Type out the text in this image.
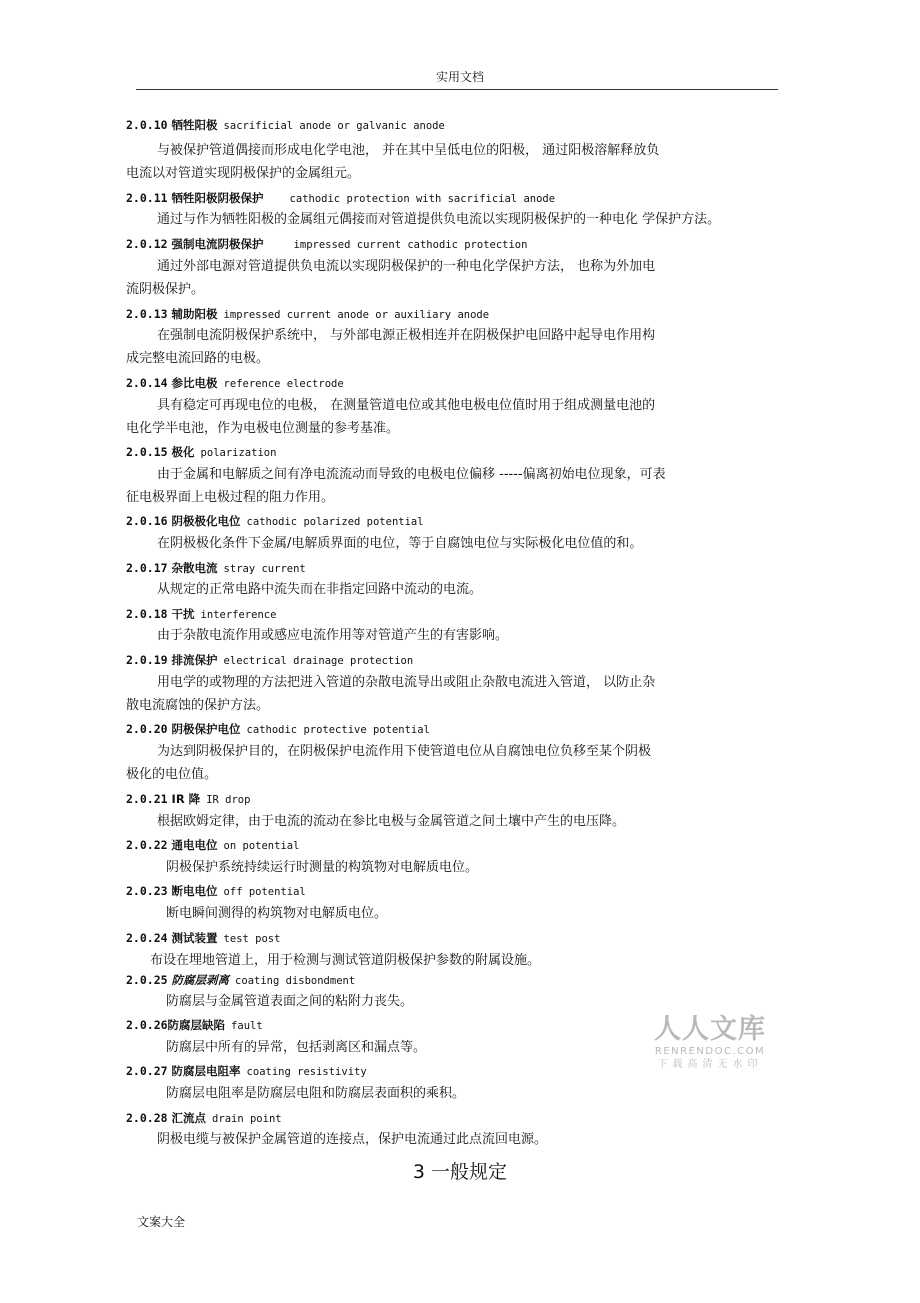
实用文档
2.0.10 牺牲阳极 sacrificial anode or galvanic anode
与被保护管道偶接而形成电化学电池， 并在其中呈低电位的阳极， 通过阳极溶解释放负
电流以对管道实现阴极保护的金属组元。
2.0.11 牺牲阳极阴极保护 cathodic protection with sacrificial anode
通过与作为牺牲阳极的金属组元偶接而对管道提供负电流以实现阴极保护的一种电化 学保护方法。
2.0.12 强制电流阴极保护	impressed current cathodic protection
通过外部电源对管道提供负电流以实现阴极保护的一种电化学保护方法， 也称为外加电
流阴极保护。
2.0.13 辅助阳极 impressed current anode or auxiliary anode
在强制电流阴极保护系统中， 与外部电源正极相连并在阴极保护电回路中起导电作用构
成完整电流回路的电极。
2.0.14 参比电极 reference electrode
具有稳定可再现电位的电极， 在测量管道电位或其他电极电位值时用于组成测量电池的
电化学半电池，作为电极电位测量的参考基准。
2.0.15 极化 polarization
由于金属和电解质之间有净电流流动而导致的电极电位偏移 -----偏离初始电位现象，可表
征电极界面上电极过程的阻力作用。
2.0.16 阴极极化电位 cathodic polarized potential
在阴极极化条件下金属/电解质界面的电位，等于自腐蚀电位与实际极化电位值的和。
2.0.17 杂散电流 stray current
从规定的正常电路中流失而在非指定回路中流动的电流。
2.0.18 干扰 interference
由于杂散电流作用或感应电流作用等对管道产生的有害影响。
2.0.19 排流保护 electrical drainage protection
用电学的或物理的方法把进入管道的杂散电流导出或阻止杂散电流进入管道， 以防止杂
散电流腐蚀的保护方法。
2.0.20 阴极保护电位 cathodic protective potential
为达到阴极保护目的，在阴极保护电流作用下使管道电位从自腐蚀电位负移至某个阴极
极化的电位值。
2.0.21 IR 降 IR drop
根据欧姆定律，由于电流的流动在参比电极与金属管道之间土壤中产生的电压降。
2.0.22 通电电位 on potential
阴极保护系统持续运行时测量的构筑物对电解质电位。
2.0.23 断电电位 off potential
断电瞬间测得的构筑物对电解质电位。
2.0.24 测试装置 test post
布设在埋地管道上，用于检测与测试管道阴极保护参数的附属设施。
2.0.25 防腐层剥离 coating disbondment
防腐层与金属管道表面之间的粘附力丧失。
2.0.26防腐层缺陷 fault
防腐层中所有的异常，包括剥离区和漏点等。
2.0.27 防腐层电阻率 coating resistivity
防腐层电阻率是防腐层电阻和防腐层表面积的乘积。
2.0.28 汇流点 drain point
阴极电缆与被保护金属管道的连接点，保护电流通过此点流回电源。
3 一般规定
人人文库
RENRENDOC.COM
下载高清无水印
文案大全
